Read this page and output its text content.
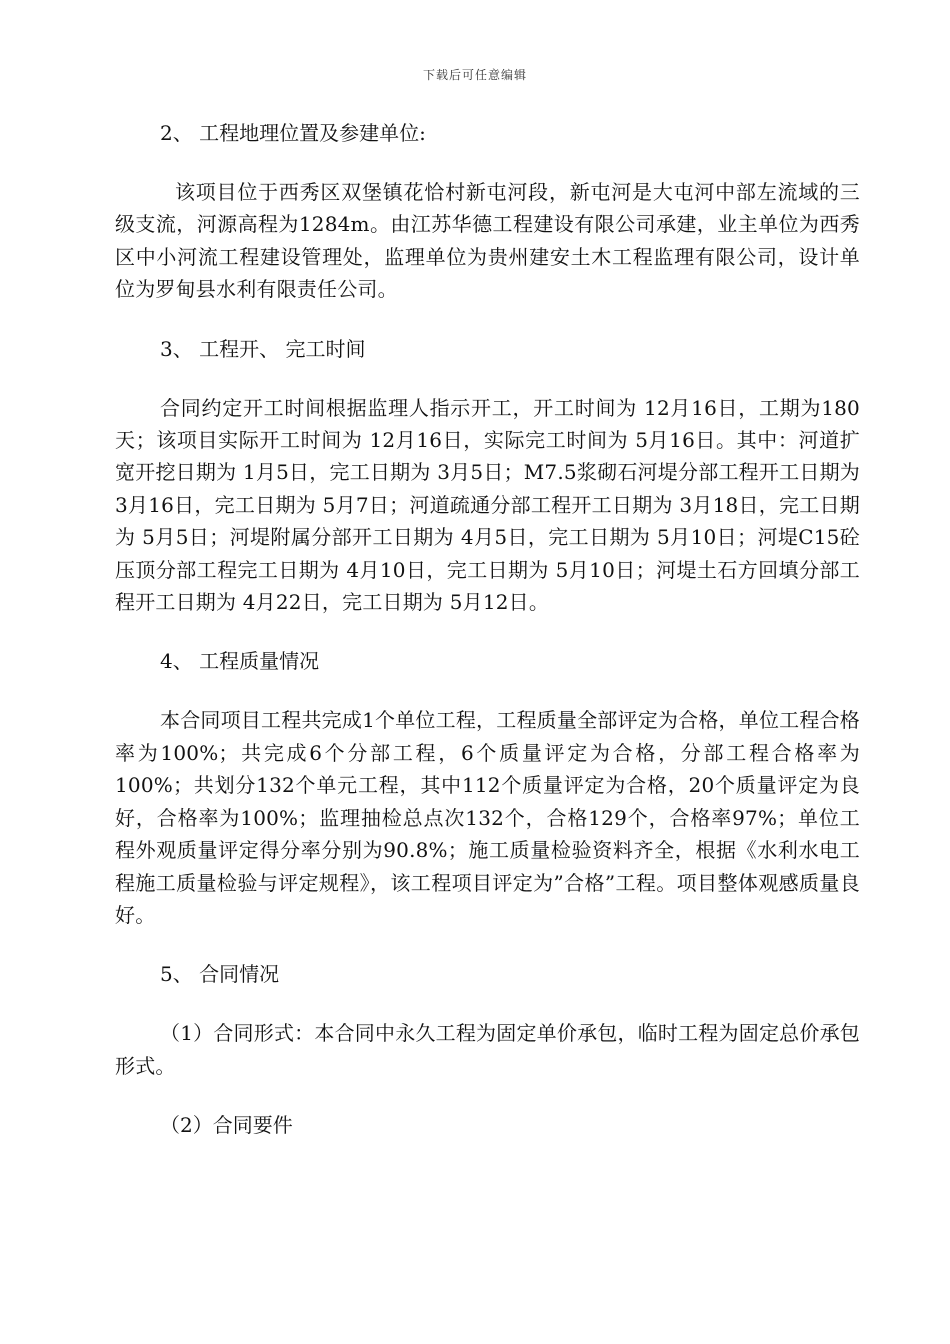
下载后可任意编辑
2、 工程地理位置及参建单位:
该项目位于西秀区双堡镇花恰村新屯河段，新屯河是大屯河中部左流域的三级支流，河源高程为1284m。由江苏华德工程建设有限公司承建，业主单位为西秀区中小河流工程建设管理处，监理单位为贵州建安土木工程监理有限公司，设计单位为罗甸县水利有限责任公司。
3、 工程开、 完工时间
合同约定开工时间根据监理人指示开工，开工时间为 12月16日，工期为180天；该项目实际开工时间为 12月16日，实际完工时间为 5月16日。其中：河道扩宽开挖日期为 1月5日，完工日期为 3月5日；M7.5浆砌石河堤分部工程开工日期为 3月16日，完工日期为 5月7日；河道疏通分部工程开工日期为 3月18日，完工日期为 5月5日；河堤附属分部开工日期为 4月5日，完工日期为 5月10日；河堤C15砼压顶分部工程完工日期为 4月10日，完工日期为 5月10日；河堤土石方回填分部工程开工日期为 4月22日，完工日期为 5月12日。
4、 工程质量情况
本合同项目工程共完成1个单位工程，工程质量全部评定为合格，单位工程合格率为100%；共完成6个分部工程，6个质量评定为合格，分部工程合格率为100%；共划分132个单元工程，其中112个质量评定为合格，20个质量评定为良好，合格率为100%；监理抽检总点次132个，合格129个，合格率97%；单位工程外观质量评定得分率分别为90.8%；施工质量检验资料齐全，根据《水利水电工程施工质量检验与评定规程》，该工程项目评定为”合格”工程。项目整体观感质量良好。
5、 合同情况
（1）合同形式：本合同中永久工程为固定单价承包，临时工程为固定总价承包形式。
（2）合同要件
